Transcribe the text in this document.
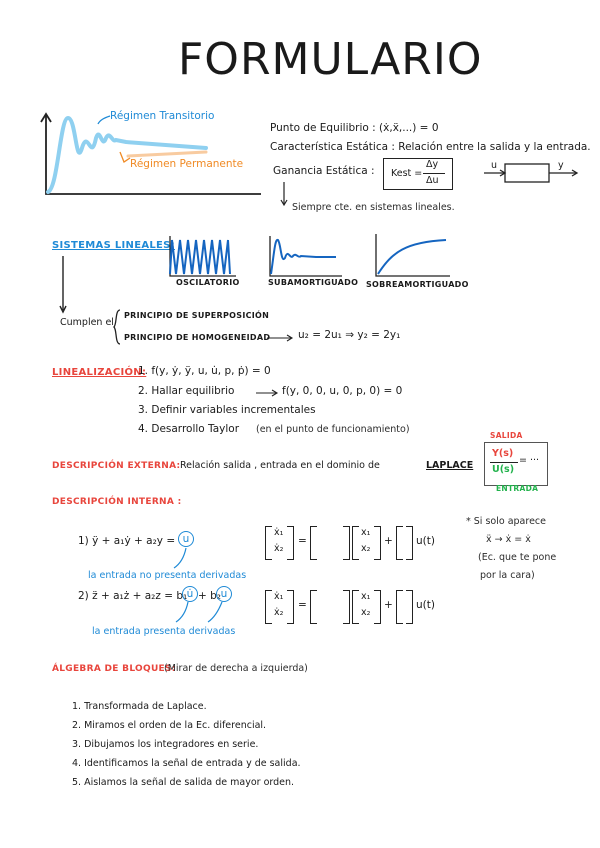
FORMULARIO
Régimen Transitorio
Régimen Permanente
Punto de Equilibrio : (ẋ,ẍ,...) = 0
Característica Estática : Relación entre la salida y la entrada.
Ganancia Estática : Kest =
Δy
Δu
u	y
Siempre cte. en sistemas lineales.
SISTEMAS LINEALES:
OSCILATORIO	SUBAMORTIGUADO SOBREAMORTIGUADO
Cumplen el
PRINCIPIO DE SUPERPOSICIÓN
PRINCIPIO DE HOMOGENEIDAD	u₂ = 2u₁ ⇒ y₂ = 2y₁
LINEALIZACIÓN:
1. f(y, ẏ, ÿ, u, u̇, p, ṗ) = 0
2. Hallar equilibrio	f(y, 0, 0, u, 0, p, 0) = 0
3. Definir variables incrementales
4. Desarrollo Taylor (en el punto de funcionamiento)
DESCRIPCIÓN EXTERNA: Relación salida , entrada en el dominio de	LAPLACE
SALIDA
Y(s)
U(s)
= ···
ENTRADA
DESCRIPCIÓN INTERNA :
1) ÿ + a₁ẏ + a₂y = u
la entrada no presenta derivadas
2) z̈ + a₁ż + a₂z = b₁ u̇ + b₂ u
la entrada presenta derivadas
ẋ₁
ẋ₂
=
x₁
x₂
+ u(t)
ẋ₁
ẋ₂
=
x₁
x₂
+ u(t)
* Si solo aparece
ẍ → ẋ = ẋ
(Ec. que te pone
por la cara)
ÁLGEBRA DE BLOQUES:
(Mirar de derecha a izquierda)
1. Transformada de Laplace.
2. Miramos el orden de la Ec. diferencial.
3. Dibujamos los integradores en serie.
4. Identificamos la señal de entrada y de salida.
5. Aislamos la señal de salida de mayor orden.
